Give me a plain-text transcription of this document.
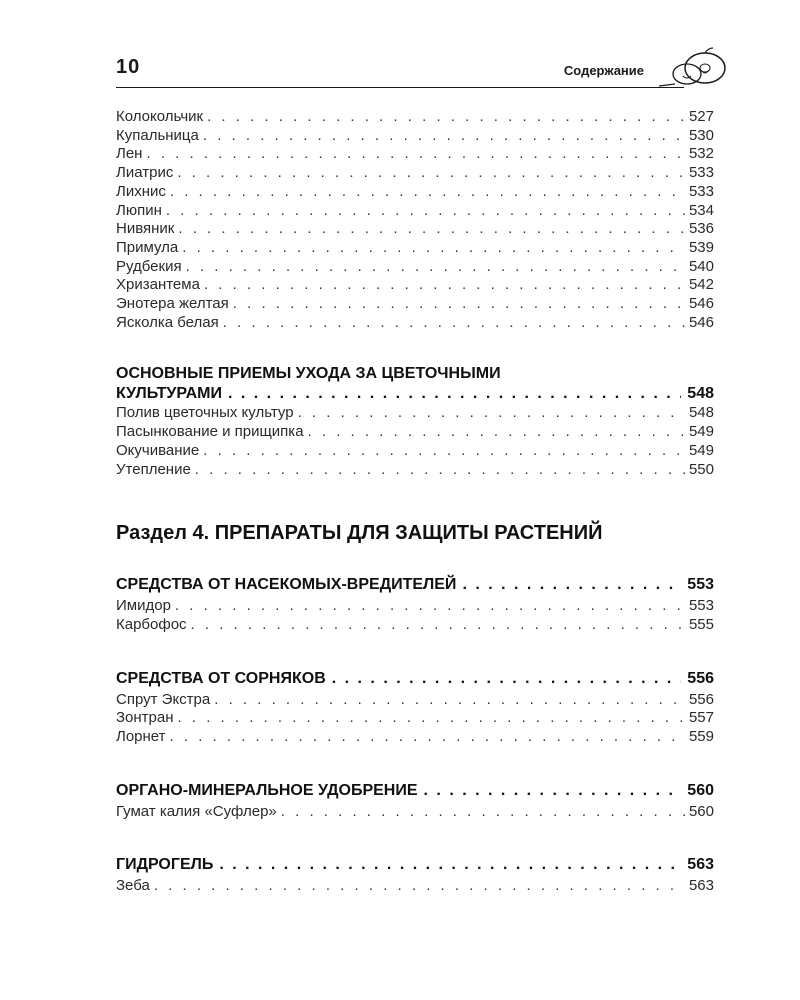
10	Содержание
Колокольчик . . .	527
Купальница . . .	530
Лен . . .	532
Лиатрис . . .	533
Лихнис . . .	533
Люпин . . .	534
Нивяник . . .	536
Примула . . .	539
Рудбекия . . .	540
Хризантема . . .	542
Энотера желтая . . .	546
Ясколка белая . . .	546
ОСНОВНЫЕ ПРИЕМЫ УХОДА ЗА ЦВЕТОЧНЫМИ
КУЛЬТУРАМИ . . .	548
Полив цветочных культур . . .	548
Пасынкование и прищипка . . .	549
Окучивание . . .	549
Утепление . . .	550
Раздел 4. ПРЕПАРАТЫ ДЛЯ ЗАЩИТЫ РАСТЕНИЙ
СРЕДСТВА ОТ НАСЕКОМЫХ-ВРЕДИТЕЛЕЙ . . .	553
Имидор . . .	553
Карбофос . . .	555
СРЕДСТВА ОТ СОРНЯКОВ . . .	556
Спрут Экстра . . .	556
Зонтран . . .	557
Лорнет . . .	559
ОРГАНО-МИНЕРАЛЬНОЕ УДОБРЕНИЕ . . .	560
Гумат калия «Суфлер» . . .	560
ГИДРОГЕЛЬ . . .	563
Зеба . . .	563
